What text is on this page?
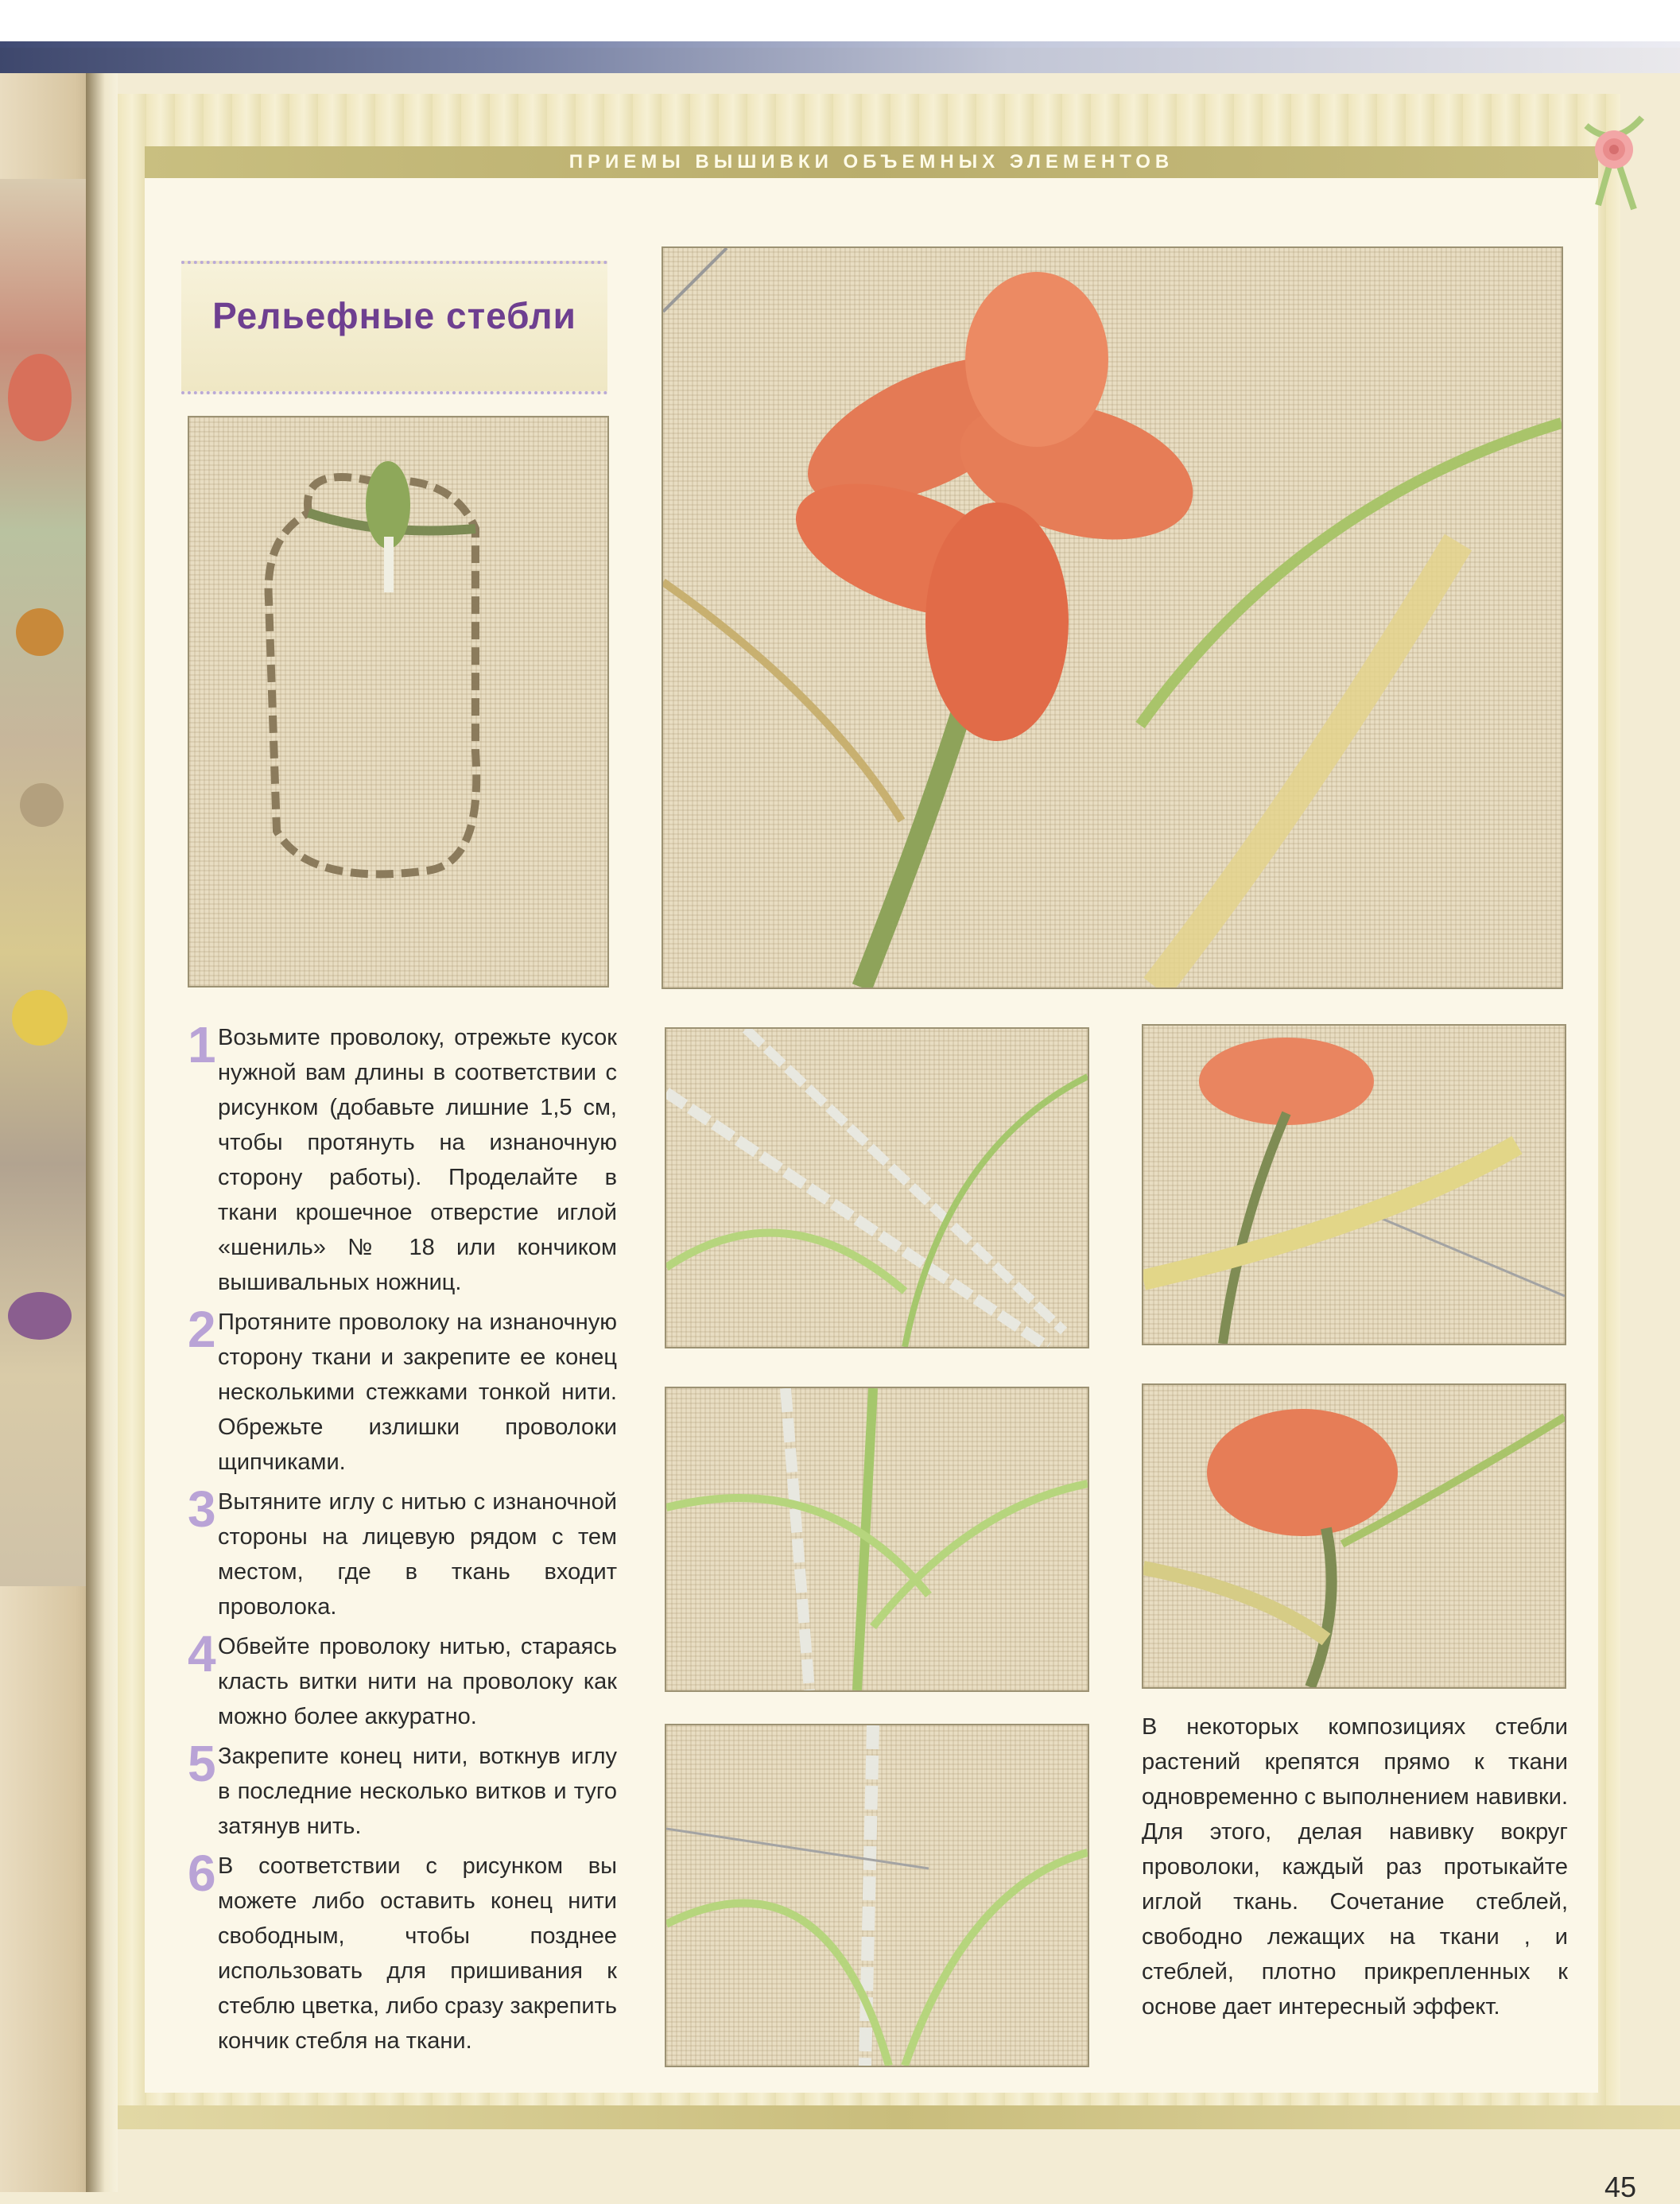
ПРИЕМЫ ВЫШИВКИ ОБЪЕМНЫХ ЭЛЕМЕНТОВ
Рельефные стебли
1 Возьмите проволоку, отрежьте кусок нужной вам длины в соответствии с рисунком (добавьте лишние 1,5 см, чтобы протянуть на изнаночную сторону работы). Проделайте в ткани крошечное отверстие иглой «шениль» № 18 или кончиком вышивальных ножниц.
2 Протяните проволоку на изнаночную сторону ткани и закрепите ее конец несколькими стежками тонкой нити. Обрежьте излишки проволоки щипчиками.
3 Вытяните иглу с нитью с изнаночной стороны на лицевую рядом с тем местом, где в ткань входит проволока.
4 Обвейте проволоку нитью, стараясь класть витки нити на проволоку как можно более аккуратно.
5 Закрепите конец нити, воткнув иглу в последние несколько витков и туго затянув нить.
6 В соответствии с рисунком вы можете либо оставить конец нити свободным, чтобы позднее использовать для пришивания к стеблю цветка, либо сразу закрепить кончик стебля на ткани.
В некоторых композициях стебли растений крепятся прямо к ткани одновременно с выполнением навивки. Для этого, делая навивку вокруг проволоки, каждый раз протыкайте иглой ткань. Сочетание стеблей, свободно лежащих на ткани , и стеблей, плотно прикрепленных к основе дает интересный эффект.
45
